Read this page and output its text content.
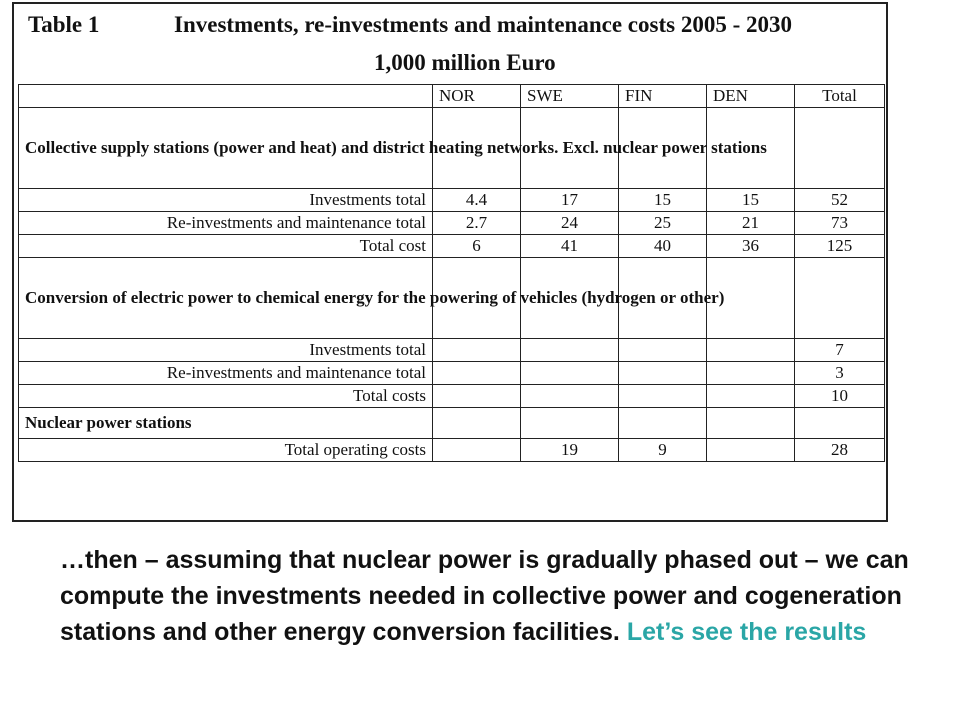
Table 1	Investments, re-investments and maintenance costs 2005 - 2030
1,000 million Euro
	NOR	SWE	FIN	DEN	Total
Collective supply stations (power and heat) and district heating networks. Excl. nuclear power stations					
Investments total	4.4	17	15	15	52
Re-investments and maintenance total	2.7	24	25	21	73
Total cost	6	41	40	36	125
Conversion of electric power to chemical energy for the powering of vehicles (hydrogen or other)					
Investments total					7
Re-investments and maintenance total					3
Total costs					10
Nuclear power stations					
Total operating costs		19	9		28
…then – assuming that nuclear power is gradually phased out – we can compute the investments needed in collective power and cogeneration stations and other energy conversion facilities. Let’s see the results
